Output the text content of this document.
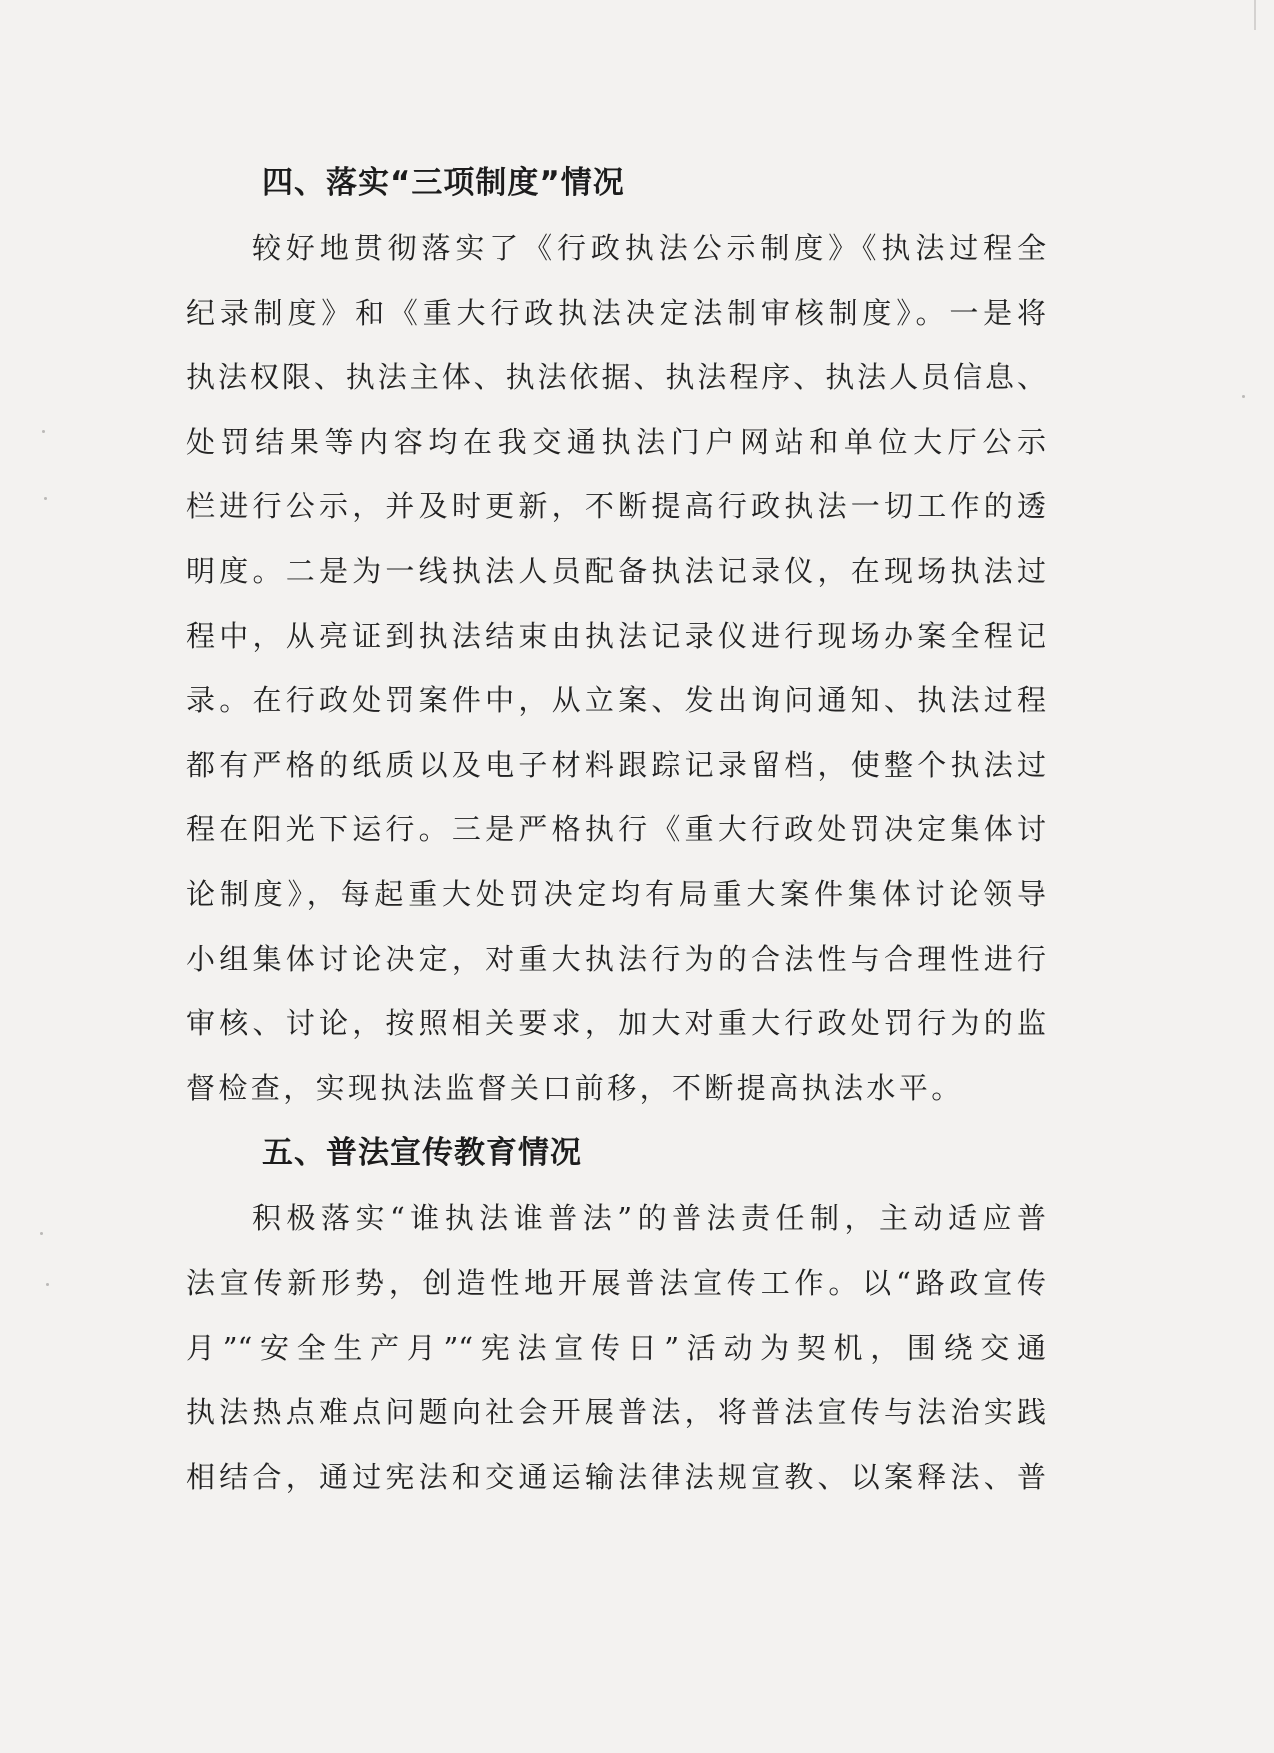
四、落实“三项制度”情况
较好地贯彻落实了《行政执法公示制度》《执法过程全
纪录制度》和《重大行政执法决定法制审核制度》。一是将
执法权限、执法主体、执法依据、执法程序、执法人员信息、
处罚结果等内容均在我交通执法门户网站和单位大厅公示
栏进行公示，并及时更新，不断提高行政执法一切工作的透
明度。二是为一线执法人员配备执法记录仪，在现场执法过
程中，从亮证到执法结束由执法记录仪进行现场办案全程记
录。在行政处罚案件中，从立案、发出询问通知、执法过程
都有严格的纸质以及电子材料跟踪记录留档，使整个执法过
程在阳光下运行。三是严格执行《重大行政处罚决定集体讨
论制度》，每起重大处罚决定均有局重大案件集体讨论领导
小组集体讨论决定，对重大执法行为的合法性与合理性进行
审核、讨论，按照相关要求，加大对重大行政处罚行为的监
督检查，实现执法监督关口前移，不断提高执法水平。
五、普法宣传教育情况
积极落实“谁执法谁普法”的普法责任制，主动适应普
法宣传新形势，创造性地开展普法宣传工作。以“路政宣传
月”“安全生产月”“宪法宣传日”活动为契机，围绕交通
执法热点难点问题向社会开展普法，将普法宣传与法治实践
相结合，通过宪法和交通运输法律法规宣教、以案释法、普
